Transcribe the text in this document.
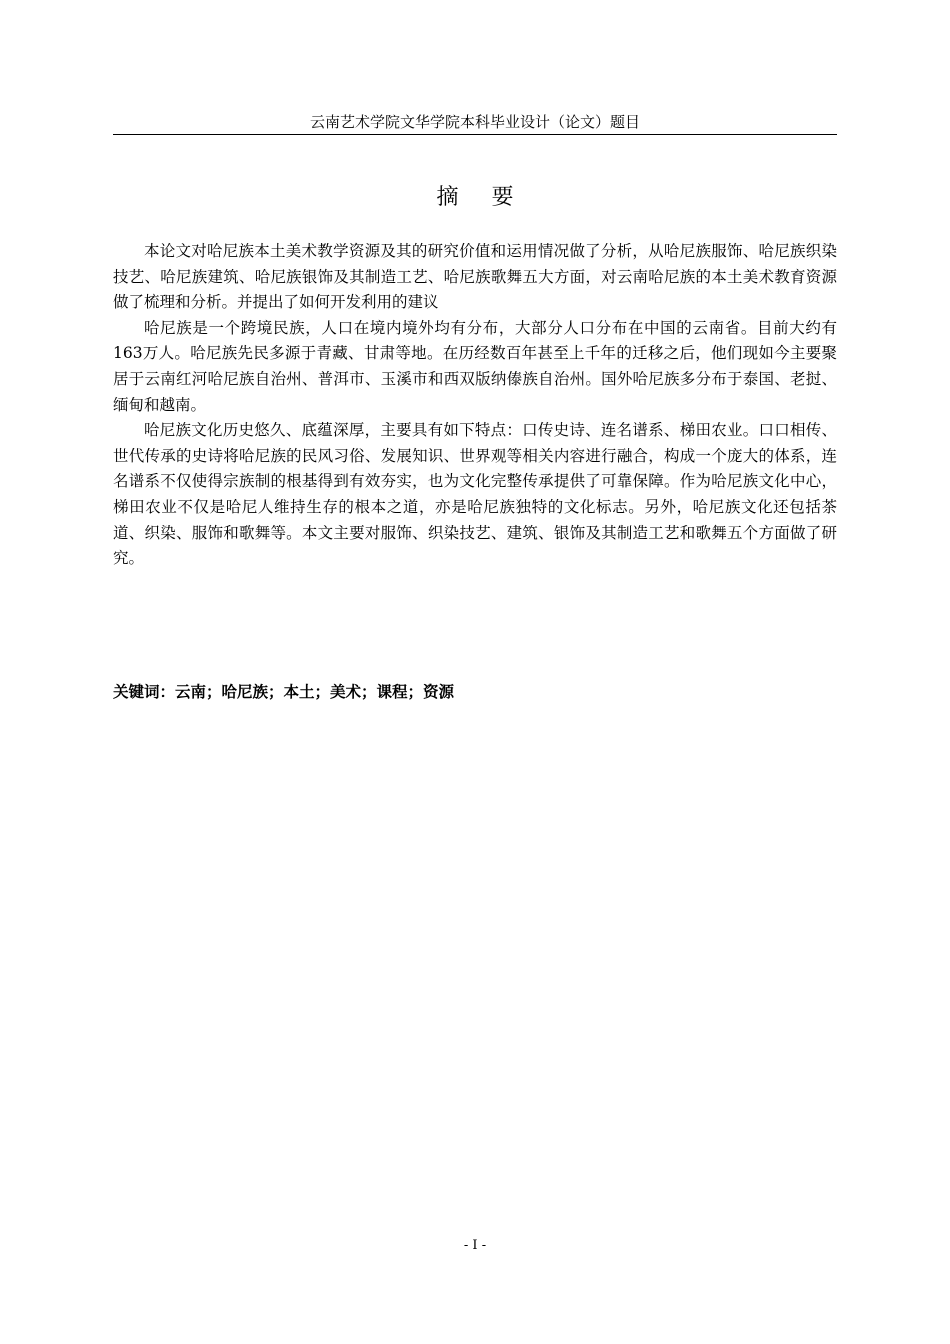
云南艺术学院文华学院本科毕业设计（论文）题目
摘要

本论文对哈尼族本土美术教学资源及其的研究价值和运用情况做了分析，从哈尼族服饰、哈尼族织染技艺、哈尼族建筑、哈尼族银饰及其制造工艺、哈尼族歌舞五大方面，对云南哈尼族的本土美术教育资源做了梳理和分析。并提出了如何开发利用的建议

哈尼族是一个跨境民族，人口在境内境外均有分布，大部分人口分布在中国的云南省。目前大约有163万人。哈尼族先民多源于青藏、甘肃等地。在历经数百年甚至上千年的迁移之后，他们现如今主要聚居于云南红河哈尼族自治州、普洱市、玉溪市和西双版纳傣族自治州。国外哈尼族多分布于泰国、老挝、缅甸和越南。

哈尼族文化历史悠久、底蕴深厚，主要具有如下特点：口传史诗、连名谱系、梯田农业。口口相传、世代传承的史诗将哈尼族的民风习俗、发展知识、世界观等相关内容进行融合，构成一个庞大的体系，连名谱系不仅使得宗族制的根基得到有效夯实，也为文化完整传承提供了可靠保障。作为哈尼族文化中心，梯田农业不仅是哈尼人维持生存的根本之道，亦是哈尼族独特的文化标志。另外，哈尼族文化还包括茶道、织染、服饰和歌舞等。本文主要对服饰、织染技艺、建筑、银饰及其制造工艺和歌舞五个方面做了研究。

关键词：云南；哈尼族；本土；美术；课程；资源
- I -
